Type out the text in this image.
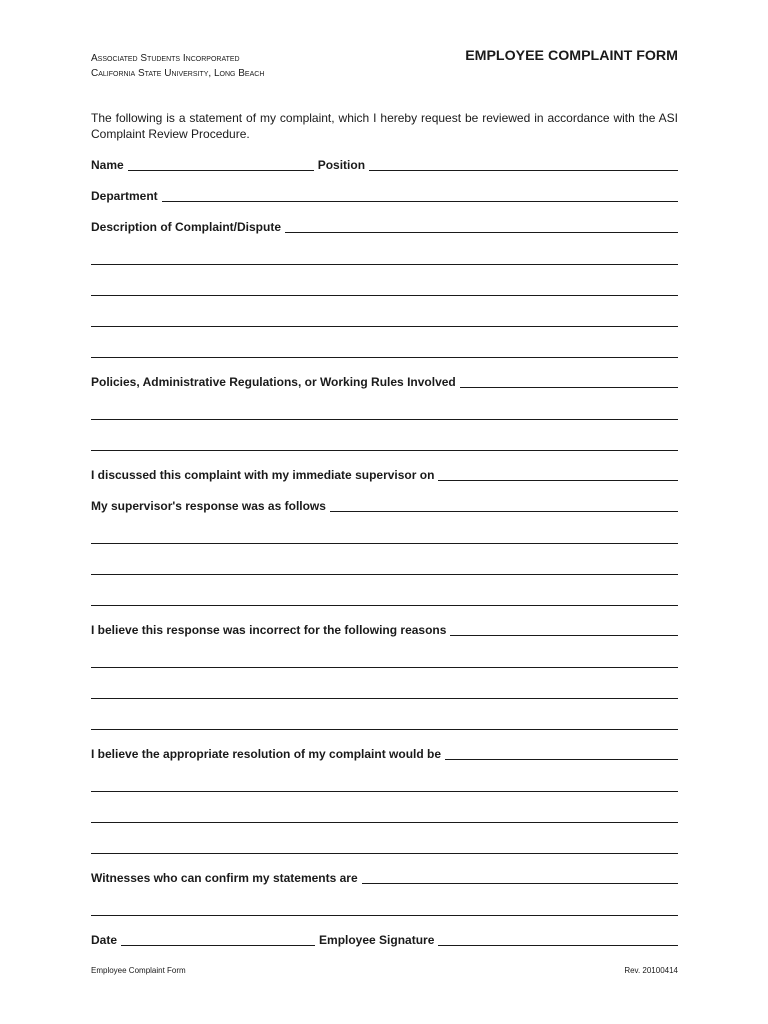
Associated Students Incorporated
California State University, Long Beach
EMPLOYEE COMPLAINT FORM
The following is a statement of my complaint, which I hereby request be reviewed in accordance with the ASI Complaint Review Procedure.
Name	Position
Department
Description of Complaint/Dispute
Policies, Administrative Regulations, or Working Rules Involved
I discussed this complaint with my immediate supervisor on
My supervisor's response was as follows
I believe this response was incorrect for the following reasons
I believe the appropriate resolution of my complaint would be
Witnesses who can confirm my statements are
Date	Employee Signature
Employee Complaint Form	Rev. 20100414
